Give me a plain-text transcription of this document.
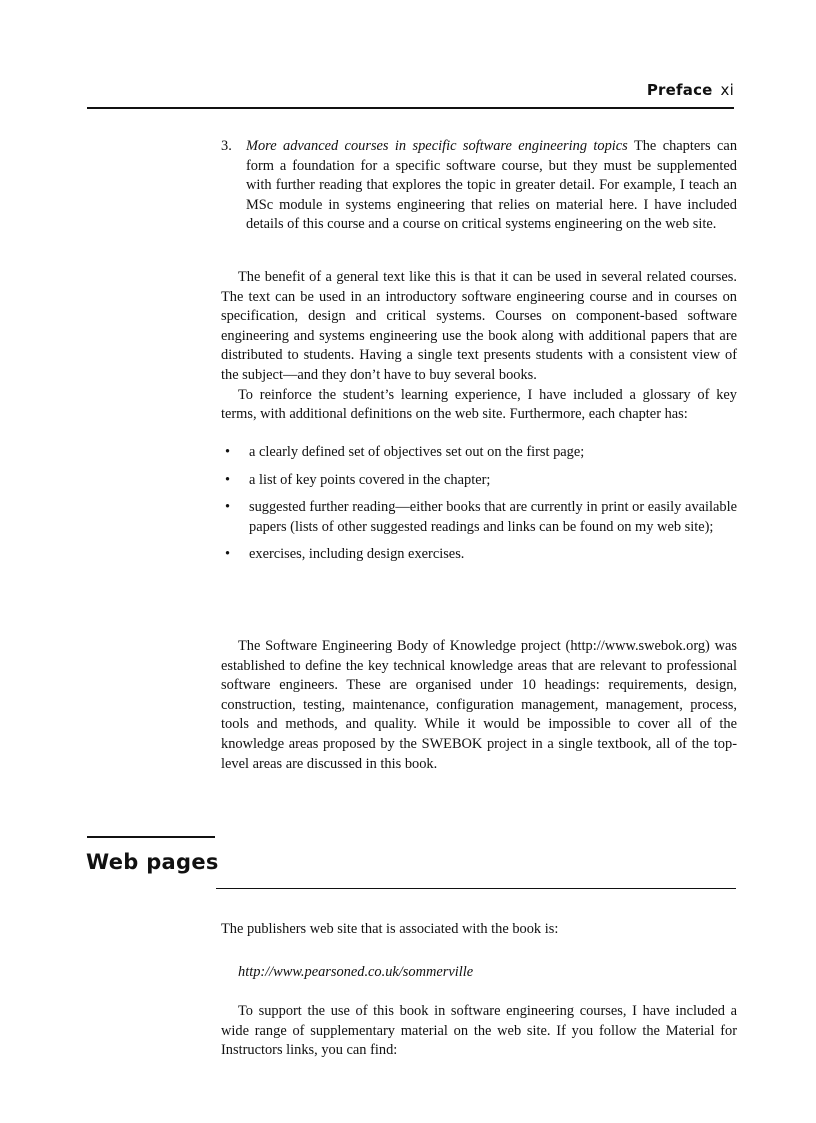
Preface xi
3. More advanced courses in specific software engineering topics The chapters can form a foundation for a specific software course, but they must be supplemented with further reading that explores the topic in greater detail. For example, I teach an MSc module in systems engineering that relies on material here. I have included details of this course and a course on critical systems engineering on the web site.

The benefit of a general text like this is that it can be used in several related courses. The text can be used in an introductory software engineering course and in courses on specification, design and critical systems. Courses on component-based software engineering and systems engineering use the book along with additional papers that are distributed to students. Having a single text presents students with a consistent view of the subject—and they don’t have to buy several books.

To reinforce the student’s learning experience, I have included a glossary of key terms, with additional definitions on the web site. Furthermore, each chapter has:

• a clearly defined set of objectives set out on the first page;
• a list of key points covered in the chapter;
• suggested further reading—either books that are currently in print or easily available papers (lists of other suggested readings and links can be found on my web site);
• exercises, including design exercises.

The Software Engineering Body of Knowledge project (http://www.swebok.org) was established to define the key technical knowledge areas that are relevant to professional software engineers. These are organised under 10 headings: requirements, design, construction, testing, maintenance, configuration management, management, process, tools and methods, and quality. While it would be impossible to cover all of the knowledge areas proposed by the SWEBOK project in a single textbook, all of the top-level areas are discussed in this book.

Web pages

The publishers web site that is associated with the book is:

http://www.pearsoned.co.uk/sommerville

To support the use of this book in software engineering courses, I have included a wide range of supplementary material on the web site. If you follow the Material for Instructors links, you can find:
